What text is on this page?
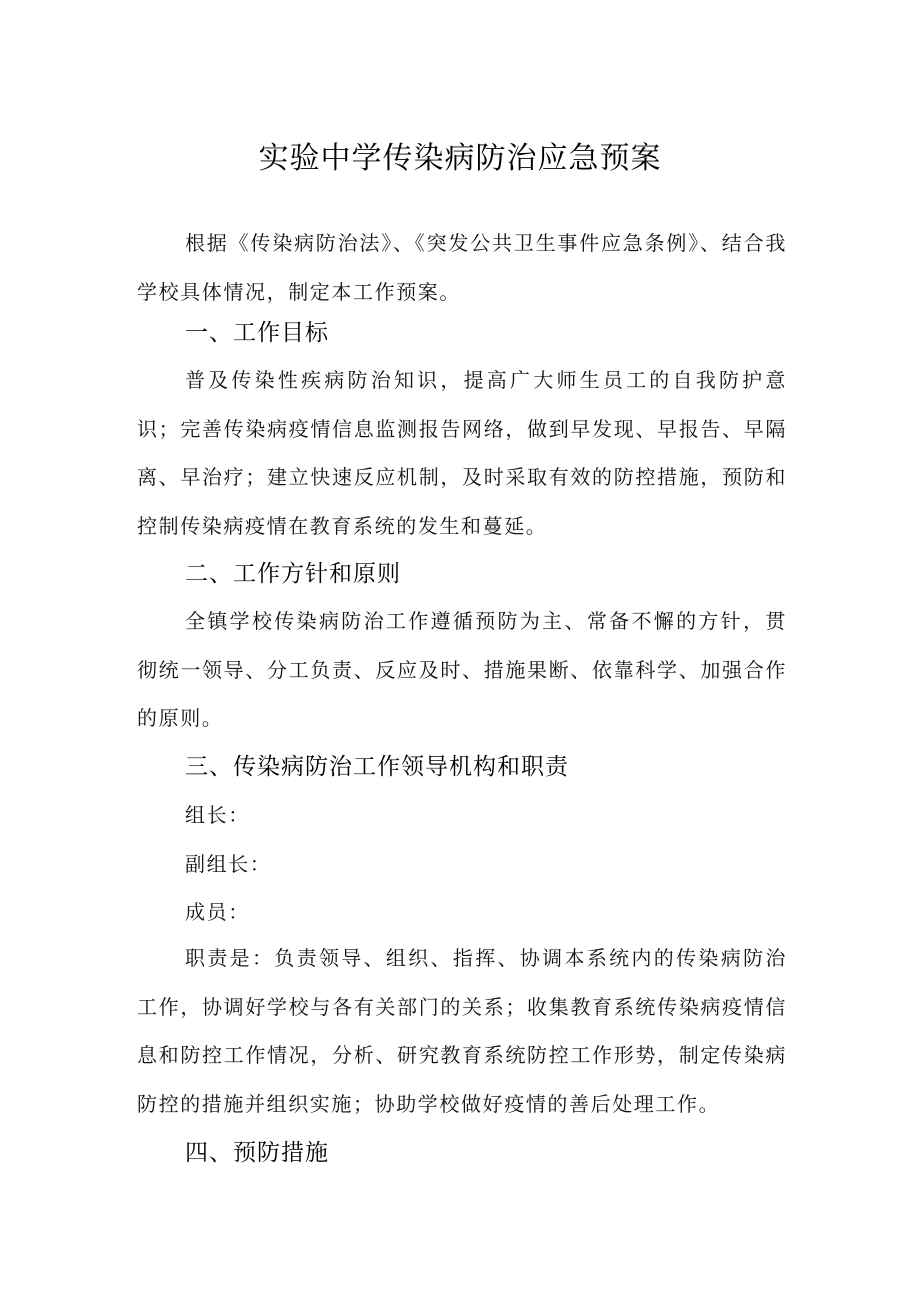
实验中学传染病防治应急预案
根据《传染病防治法》、《突发公共卫生事件应急条例》、结合我学校具体情况，制定本工作预案。
一、工作目标
普及传染性疾病防治知识，提高广大师生员工的自我防护意识；完善传染病疫情信息监测报告网络，做到早发现、早报告、早隔离、早治疗；建立快速反应机制，及时采取有效的防控措施，预防和控制传染病疫情在教育系统的发生和蔓延。
二、工作方针和原则
全镇学校传染病防治工作遵循预防为主、常备不懈的方针，贯彻统一领导、分工负责、反应及时、措施果断、依靠科学、加强合作的原则。
三、传染病防治工作领导机构和职责
组长：
副组长：
成员：
职责是：负责领导、组织、指挥、协调本系统内的传染病防治工作，协调好学校与各有关部门的关系；收集教育系统传染病疫情信息和防控工作情况，分析、研究教育系统防控工作形势，制定传染病防控的措施并组织实施；协助学校做好疫情的善后处理工作。
四、预防措施
